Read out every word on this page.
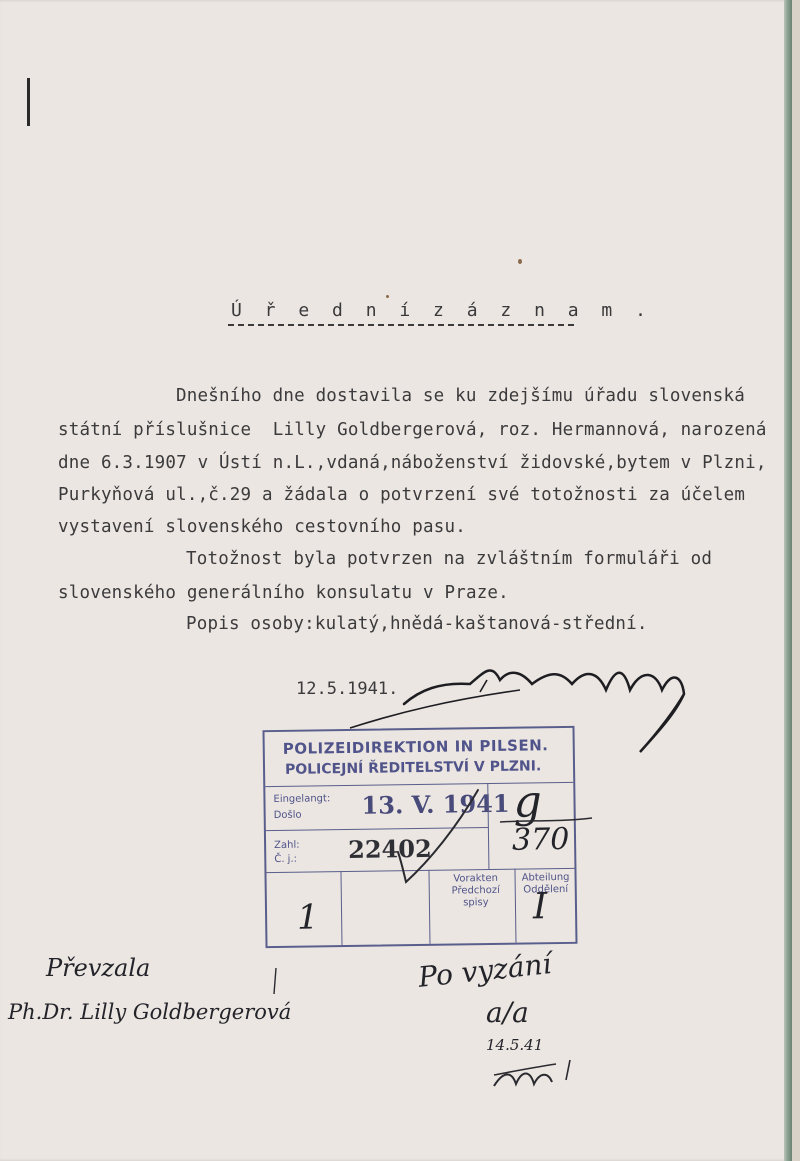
Ú ř e d n í z á z n a m .
Dnešního dne dostavila se ku zdejšímu úřadu slovenská
státní příslušnice  Lilly Goldbergerová, roz. Hermannová, narozená
dne 6.3.1907 v Ústí n.L.,vdaná,náboženství židovské,bytem v Plzni,
Purkyňová ul.,č.29 a žádala o potvrzení své totožnosti za účelem
vystavení slovenského cestovního pasu.
Totožnost byla potvrzen na zvláštním formuláři od
slovenského generálního konsulatu v Praze.
Popis osoby:kulatý,hnědá-kaštanová-střední.
12.5.1941.
POLIZEIDIREKTION IN PILSEN.
POLICEJNÍ ŘEDITELSTVÍ V PLZNI.
Eingelangt:
Došlo 13. V. 1941
Zahl:
Č. j.: 22402
Vorakten Předchozí spisy
Abteilung Oddělení
g
370
1	I
Převzala
Ph.Dr. Lilly Goldbergerová
Po vyzání
a/a
14.5.41
